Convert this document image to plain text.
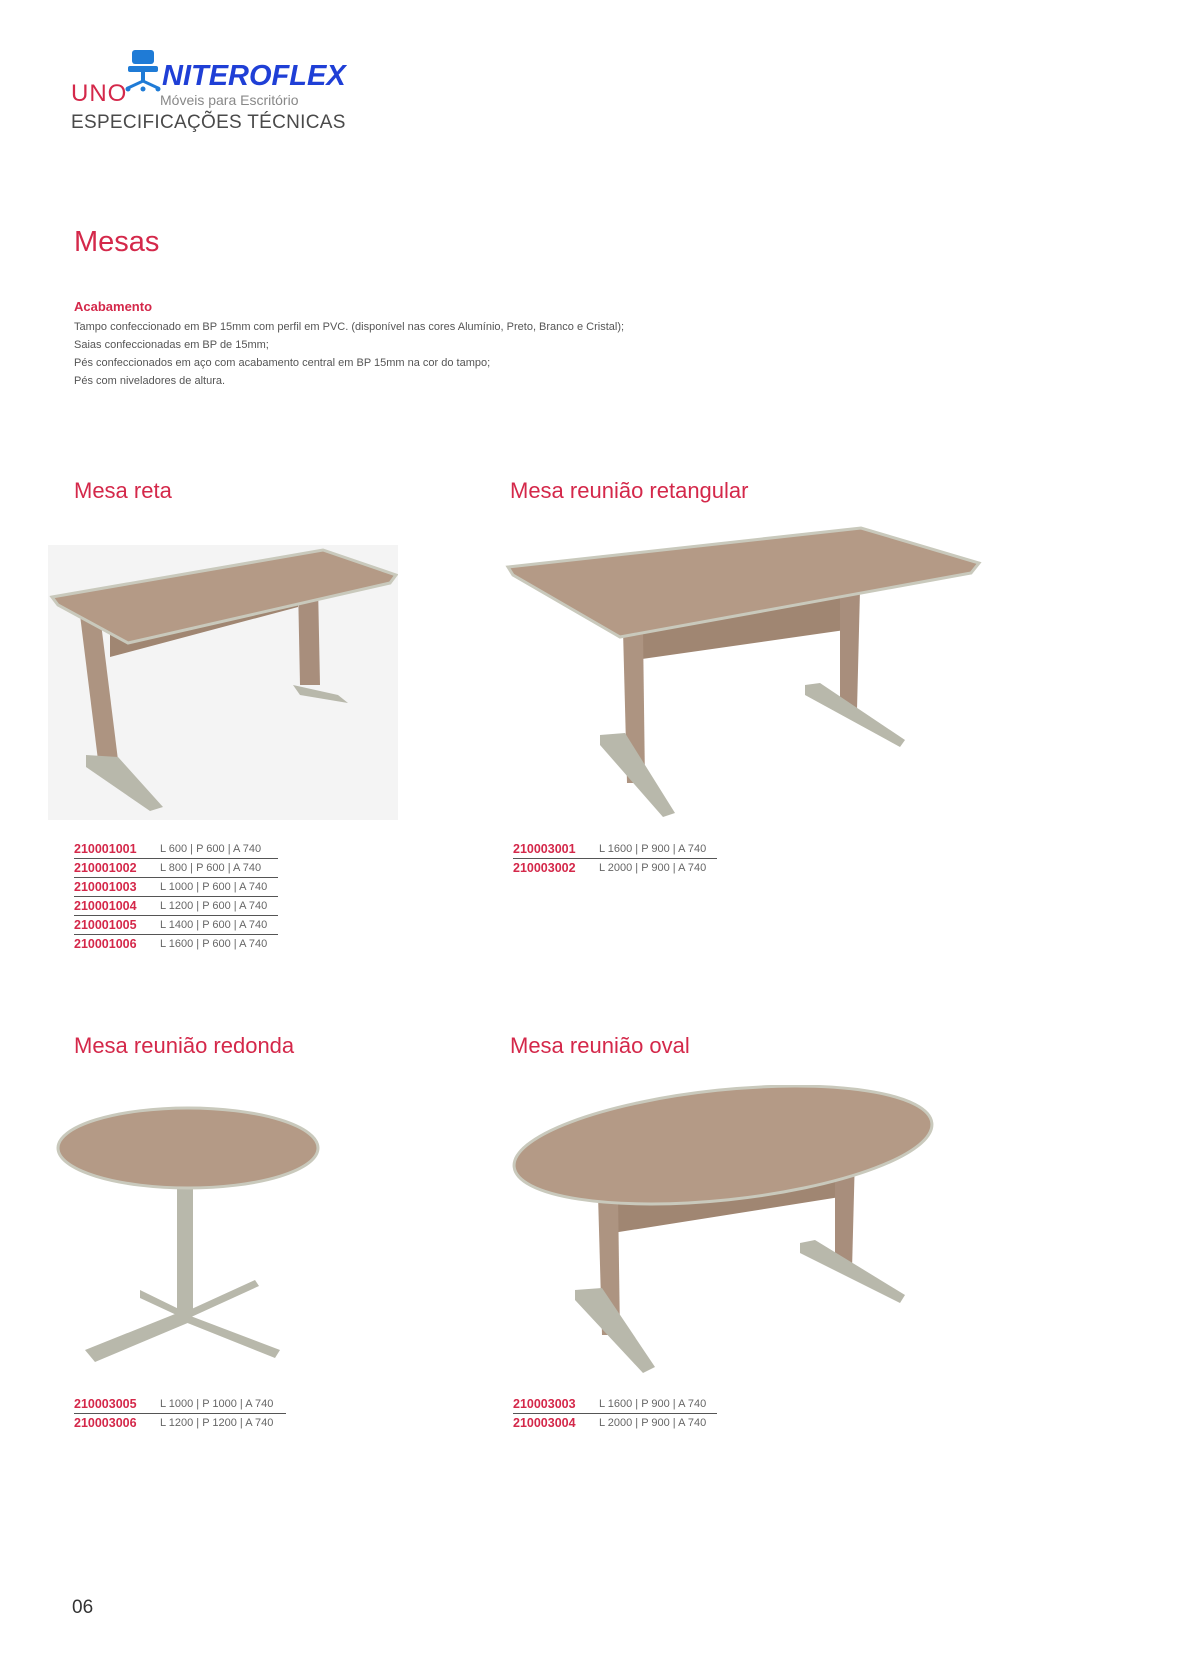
NITEROFLEX
Móveis para Escritório
UNO
ESPECIFICAÇÕES TÉCNICAS
Mesas
Acabamento
Tampo confeccionado em BP 15mm com perfil em PVC. (disponível nas cores Alumínio, Preto, Branco e Cristal);
Saias confeccionadas em BP de 15mm;
Pés confeccionados em aço com acabamento central em BP 15mm na cor do tampo;
Pés com niveladores de altura.
Mesa reta
210001001	L 600 | P 600 | A 740
210001002	L 800 | P 600 | A 740
210001003	L 1000 | P 600 | A 740
210001004	L 1200 | P 600 | A 740
210001005	L 1400 | P 600 | A 740
210001006	L 1600 | P 600 | A 740
Mesa reunião retangular
210003001	L 1600 | P 900 | A 740
210003002	L 2000 | P 900 | A 740
Mesa reunião redonda
210003005	L 1000 | P 1000 | A 740
210003006	L 1200 | P 1200 | A 740
Mesa reunião oval
210003003	L 1600 | P 900 | A 740
210003004	L 2000 | P 900 | A 740
06
